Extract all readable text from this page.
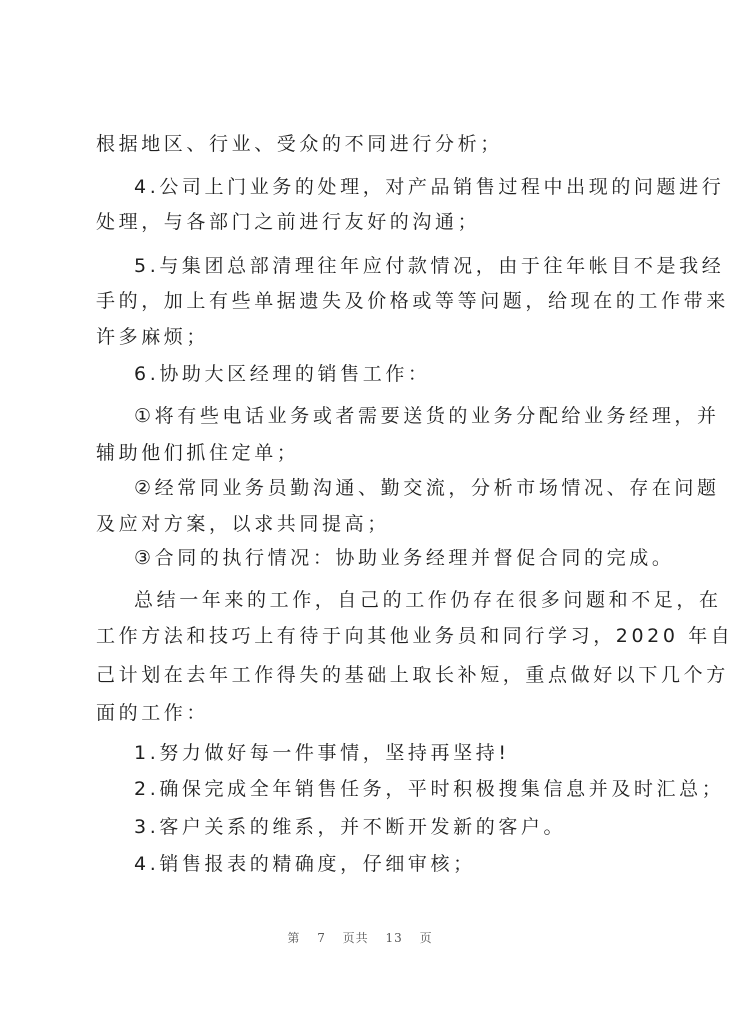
根据地区、行业、受众的不同进行分析；
4.公司上门业务的处理，对产品销售过程中出现的问题进行
处理，与各部门之前进行友好的沟通；
5.与集团总部清理往年应付款情况，由于往年帐目不是我经
手的，加上有些单据遗失及价格或等等问题，给现在的工作带来
许多麻烦；
6.协助大区经理的销售工作：
①将有些电话业务或者需要送货的业务分配给业务经理，并
辅助他们抓住定单；
②经常同业务员勤沟通、勤交流，分析市场情况、存在问题
及应对方案，以求共同提高；
③合同的执行情况：协助业务经理并督促合同的完成。
总结一年来的工作，自己的工作仍存在很多问题和不足，在
工作方法和技巧上有待于向其他业务员和同行学习，2020 年自
己计划在去年工作得失的基础上取长补短，重点做好以下几个方
面的工作：
1.努力做好每一件事情，坚持再坚持!
2.确保完成全年销售任务，平时积极搜集信息并及时汇总；
3.客户关系的维系，并不断开发新的客户。
4.销售报表的精确度，仔细审核；
第 7 页共 13 页
